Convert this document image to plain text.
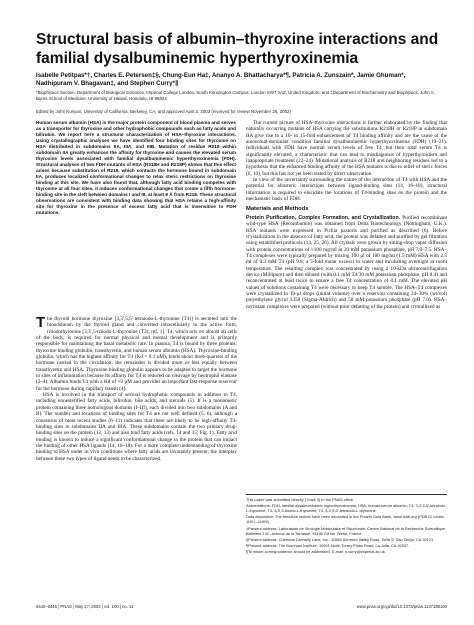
Structural basis of albumin–thyroxine interactions and familial dysalbuminemic hyperthyroxinemia
Isabelle Petitpas*†, Charles E. Petersen‡§, Chung-Eun Ha‡, Ananyo A. Bhattacharya*¶, Patricia A. Zunszain*, Jamie Ghuman*, Nadhipuram V. Bhagavan‡, and Stephen Curry*∥
*Biophysics Section, Department of Biological Sciences, Imperial College London, South Kensington Campus, London SW7 2AZ, United Kingdom; and ‡Department of Biochemistry and Biophysics, John A. Burns School of Medicine, University of Hawaii, Honolulu, HI 96822
Edited by John Kuriyan, University of California, Berkeley, CA, and approved April 2, 2003 (received for review November 26, 2002)
Human serum albumin (HSA) is the major protein component of blood plasma and serves as a transporter for thyroxine and other hydrophobic compounds such as fatty acids and bilirubin. We report here a structural characterization of HSA–thyroxine interactions. Using crystallographic analyses we have identified four binding sites for thyroxine on HSA distributed in subdomains IIA, IIIA, and IIIB. Mutation of residue R218 within subdomain IIA greatly enhances the affinity for thyroxine and causes the elevated serum thyroxine levels associated with familial dysalbuminemic hyperthyroxinemia (FDH). Structural analyses of two FDH mutants of HSA (R218H and R218P) shows that this effect arises because substitution of R218, which contacts the hormone bound in subdomain IIA, produces localized conformational changes to relax steric restrictions on thyroxine binding at this site. We have also found that, although fatty acid binding competes with thyroxine at all four sites, it induces conformational changes that create a fifth hormone-binding site in the cleft between domains I and III, at least 9 Å from R218. These structural observations are consistent with binding data showing that HSA retains a high-affinity site for thyroxine in the presence of excess fatty acid that is insensitive to FDH mutations.

The thyroid hormone thyroxine [3,3′,5,5′-tetraiodo-L-thyronine (T4)] is secreted into the bloodstream by the thyroid gland and converted intracellularly to the active form, triiodothyronine [3,3′,5-triiodo-L-thyronine (T3); ref. 1]. T4, which acts on almost all cells of the body, is required for normal physical and mental development and is primarily responsible for maintaining the basal metabolic rate. In plasma, T4 is bound by three proteins: thyroxine-binding globulin, transthyretin, and human serum albumin (HSA). Thyroxine-binding globulin, which has the highest affinity for T4 (Kd = 0.1 nM), binds about three-quarters of the hormone carried in the circulation; the remainder is divided more or less equally between transthyretin and HSA. Thyroxine binding globulin appears to be adapted to target the hormone to sites of inflammation because its affinity for T4 is reduced on cleavage by neutrophil elastase (2–4). Albumin binds T4 with a Kd of ≈2 μM and provides an important fast-response reservoir for the hormone during capillary transit (4).

HSA is involved in the transport of several hydrophobic compounds in addition to T4, including nonesterified fatty acids, bilirubin, bile acids, and steroids (5). It is a monomeric protein containing three homologous domains (I–III), each divided into two subdomains (A and B). The number and locations of binding sites for T4 are not well defined (5, 6), although a consensus of most recent studies (6–11) indicates that there are likely to be high-affinity T4-binding sites in subdomains IIA and IIIA. These subdomains contain the two primary drug-binding sites on the protein (12, 13) and also bind fatty acids (refs. 14 and 15; Fig. 1). Fatty acid binding is known to induce a significant conformational change in the protein that can impact the binding of other HSA ligands (14, 16–18). For a more complete understanding of thyroxine binding to HSA under in vivo conditions where fatty acids are invariably present, the interplay between these two types of ligand needs to be characterized.

The current picture of HSA–thyroxine interactions is further elaborated by the finding that naturally occurring mutants of HSA carrying the substitutions R218H or R218P in subdomain IIA give rise to a 10- to 15-fold enhancement of T4 binding affinity and are the cause of the autosomal-dominant condition familial dysalbuminemic hyperthyroxinemia (FDH) (19–21). Individuals with FDH have normal serum levels of free T4, but their total serum T4 is significantly elevated, a characteristic that can lead to misdiagnosis of hyperthyroidism and inappropriate treatment (22–24). Mutational analysis of R218 and neighboring residues led to a hypothesis that the enhanced binding affinity of the HSA mutants is due to relief of steric forces (6, 10), but this has not yet been tested by direct observation.

In view of the uncertainty surrounding the nature of the interaction of T4 with HSA and the potential for allosteric interactions between ligand-binding sites (14, 16–18), structural information is required to elucidate the locations of T4-binding sites on the protein and the mechanistic basis of FDH.

Materials and Methods

Protein Purification, Complex Formation, and Crystallization. Purified recombinant wild-type HSA (Recombumin) was obtained from Delta Biotechnology (Nottingham, U.K.). HSA mutants were expressed in Pichia pastoris and purified as described (6). Before crystallization in the absence of fatty acid, the protein was defatted and purified by gel filtration using established protocols (14, 25, 26). All crystals were grown by sitting-drop vapor diffusion with protein concentrations of ≈100 mg/ml in 20 mM potassium phosphate, pH 7.0–7.5. HSA–T4 complexes were typically prepared by mixing 100 μl of 100 mg/ml (1.5 mM) HSA with 2.5 ml of 0.3 mM T4 (pH 9.8; a 5-fold molar excess) in water and incubating overnight at room temperature. The resulting complex was concentrated by using a 10-kDa ultracentrifugation device (Millipore) and then diluted (with 0.1 mM T4/30 mM potassium phosphate, pH 8.4) and reconcentrated at least twice to ensure a free T4 concentration of 0.1 mM. The elevated pH values of solutions containing T4 were necessary to keep T4 soluble. The HSA–T4 complexes were crystallized in 10-μl drops (initial volume) over a reservoir containing 24–30% (wt/vol) polyethylene glycol 3350 (Sigma-Aldrich) and 50 mM potassium phosphate (pH 7.0). HSA–myristate complexes were prepared (without prior defatting of the protein) and crystallized as

This paper was submitted directly (Track II) to the PNAS office.
Abbreviations: FDH, familial dysalbuminemic hyperthyroxinemia; HSA, human serum albumin; T4, 3,3′,5,5′-tetraiodo-L-thyronine; T3, 3,3′,5-triiodo-L-thyronine; T4, 3,3′,5,5′-tetraiodo-L-thyronine.
Data deposition: The structure factors have been deposited in the Protein Data Bank, www.rcsb.org (PDB ID codes 1HK1–1HK5).
†Present address: Laboratoire de Virologie Moléculaire et Structurale, Centre National de la Recherche Scientifique, Bâtiment 14C, Avenue de la Terrasse, 91198 Gif sur Yvette, France.
§Present address: Chemical Diversity Labs, Inc., 11558 Sorrento Valley Road, Suite 5, San Diego, CA 92121.
¶Present address: The Burnham Institute, 10901 North Torrey Pines Road, La Jolla, CA 92037.
∥To whom correspondence should be addressed. E-mail: s.curry@imperial.ac.uk.
6440–6445 | PNAS | May 27, 2003 | vol. 100 | no. 11	www.pnas.org/cgi/doi/10.1073/pnas.1137188100
